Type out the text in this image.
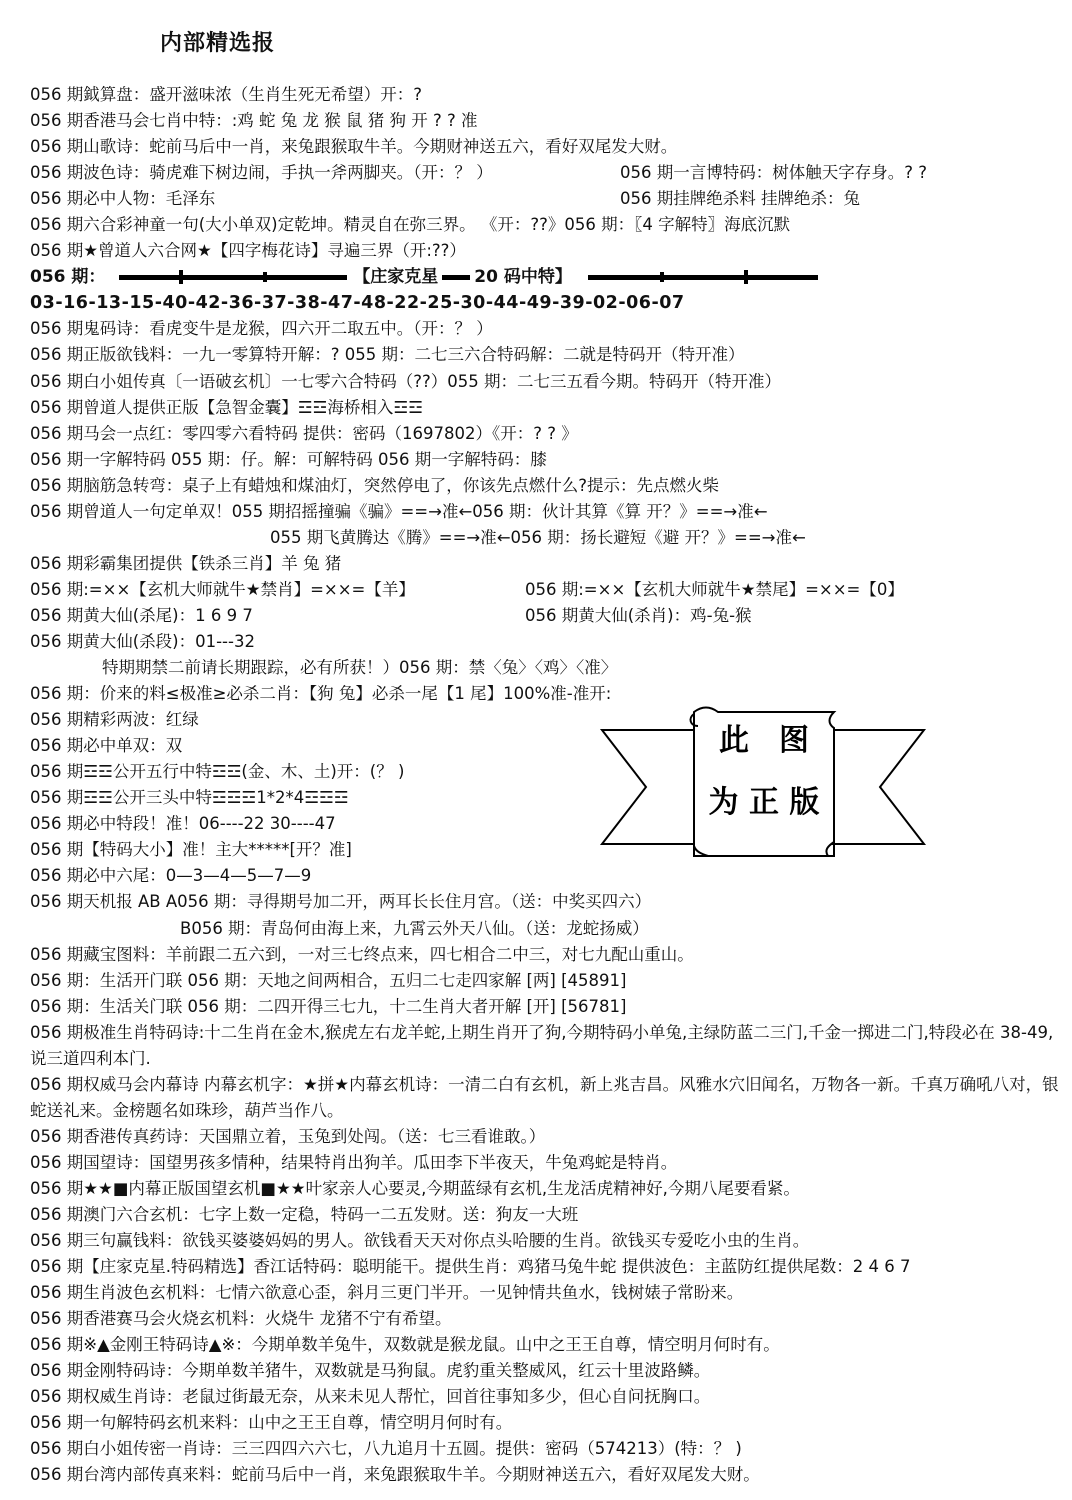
内部精选报
056 期鉞算盘：盛开滋味浓（生肖生死无希望）开：?
056 期香港马会七肖中特：:鸡 蛇 兔 龙 猴 鼠 猪 狗 开 ? ? 准
056 期山歌诗：蛇前马后中一肖，来兔跟猴取牛羊。今期财神送五六，看好双尾发大财。
056 期波色诗：骑虎难下树边闹，手执一斧两脚夹。（开：？ ）	056 期一言博特码：树体触天字存身。? ?
056 期必中人物：毛泽东	056 期挂牌绝杀料 挂牌绝杀：兔
056 期六合彩神童一句(大小单双)定乾坤。精灵自在弥三界。 《开：??》056 期：〖4 字解特〗海底沉默
056 期★曾道人六合网★【四字梅花诗】寻遍三界（开:??）
056 期：	【庄家克星 20 码中特】
03-16-13-15-40-42-36-37-38-47-48-22-25-30-44-49-39-02-06-07
056 期鬼码诗：看虎变牛是龙猴，四六开二取五中。（开：？ ）
056 期正版欲钱料：一九一零算特开解：? 055 期：二七三六合特码解：二就是特码开（特开准）
056 期白小姐传真〔一语破玄机〕一七零六合特码（??）055 期：二七三五看今期。特码开（特开准）
056 期曾道人提供正版【急智金囊】☲☲海桥相入☲☲
056 期马会一点红：零四零六看特码 提供：密码（1697802）《开：? ? 》
056 期一字解特码 055 期：仔。解：可解特码 056 期一字解特码：膝
056 期脑筋急转弯：桌子上有蜡烛和煤油灯，突然停电了，你该先点燃什么?提示：先点燃火柴
056 期曾道人一句定单双！055 期招摇撞骗《骗》==→准←056 期：伙计其算《算 开？》==→准←
055 期飞黄腾达《腾》==→准←056 期：扬长避短《避 开？》==→准←
056 期彩霸集团提供【铁杀三肖】羊 兔 猪
056 期:=××【玄机大师就牛★禁肖】=××=【羊】	056 期:=××【玄机大师就牛★禁尾】=××=【0】
056 期黄大仙(杀尾)：1 6 9 7	056 期黄大仙(杀肖)：鸡-兔-猴
056 期黄大仙(杀段)：01---32
特期期禁二前请长期跟踪，必有所获！）056 期：禁〈兔〉〈鸡〉〈准〉
056 期：价来的料≤极准≥必杀二肖：【狗 兔】必杀一尾【1 尾】100%准-准开:
056 期精彩两波：红绿
056 期必中单双：双
056 期☲☲公开五行中特☲☲(金、木、土)开：(？ )
056 期☲☲公开三头中特☲☲☲1*2*4☲☲☲
056 期必中特段！准！06----22 30----47
056 期【特码大小】准！主大*****[开？准]
056 期必中六尾：0—3—4—5—7—9
056 期天机报 AB A056 期：寻得期号加二开，两耳长长住月宫。（送：中奖买四六）
B056 期：青岛何由海上来，九霄云外天八仙。（送：龙蛇扬威）
056 期藏宝图料：羊前跟二五六到，一对三七终点来，四七相合二中三，对七九配山重山。
056 期：生活开门联 056 期：天地之间两相合，五归二七走四家解 [两] [45891]
056 期：生活关门联 056 期：二四开得三七九，十二生肖大者开解 [开] [56781]
056 期极准生肖特码诗:十二生肖在金木,猴虎左右龙羊蛇,上期生肖开了狗,今期特码小单兔,主绿防蓝二三门,千金一掷进二门,特段必在 38-49,说三道四利本门.
056 期权威马会内幕诗 内幕玄机字：★拼★内幕玄机诗：一清二白有玄机，新上兆吉昌。风雅水穴旧闻名，万物各一新。千真万确吼八对，银蛇送礼来。金榜题名如珠珍，葫芦当作八。
056 期香港传真药诗：天国鼎立着，玉兔到处闯。（送：七三看谁敢。）
056 期国望诗：国望男孩多情种，结果特肖出狗羊。瓜田李下半夜天，牛兔鸡蛇是特肖。
056 期★★■内幕正版国望玄机■★★叶家亲人心要灵,今期蓝绿有玄机,生龙活虎精神好,今期八尾要看紧。
056 期澳门六合玄机：七字上数一定稳，特码一二五发财。送：狗友一大班
056 期三句赢钱料：欲钱买婆婆妈妈的男人。欲钱看天天对你点头哈腰的生肖。欲钱买专爱吃小虫的生肖。
056 期【庄家克星.特码精选】香江话特码：聪明能干。提供生肖：鸡猪马兔牛蛇 提供波色：主蓝防红提供尾数：2 4 6 7
056 期生肖波色玄机料：七情六欲意心歪，斜月三更门半开。一见钟情共鱼水，钱树婊子常盼来。
056 期香港赛马会火烧玄机料：火烧牛 龙猪不宁有希望。
056 期※▲金刚王特码诗▲※：今期单数羊兔牛，双数就是猴龙鼠。山中之王王自尊，情空明月何时有。
056 期金刚特码诗：今期单数羊猪牛，双数就是马狗鼠。虎豹重关整威风，红云十里波路鳞。
056 期权威生肖诗：老鼠过街最无奈，从来未见人帮忙，回首往事知多少，但心自问抚胸口。
056 期一句解特码玄机来料：山中之王王自尊，情空明月何时有。
056 期白小姐传密一肖诗：三三四四六六七，八九追月十五圆。提供：密码（574213）(特：？ )
056 期台湾内部传真来料：蛇前马后中一肖，来兔跟猴取牛羊。今期财神送五六，看好双尾发大财。
此　图
为 正 版
